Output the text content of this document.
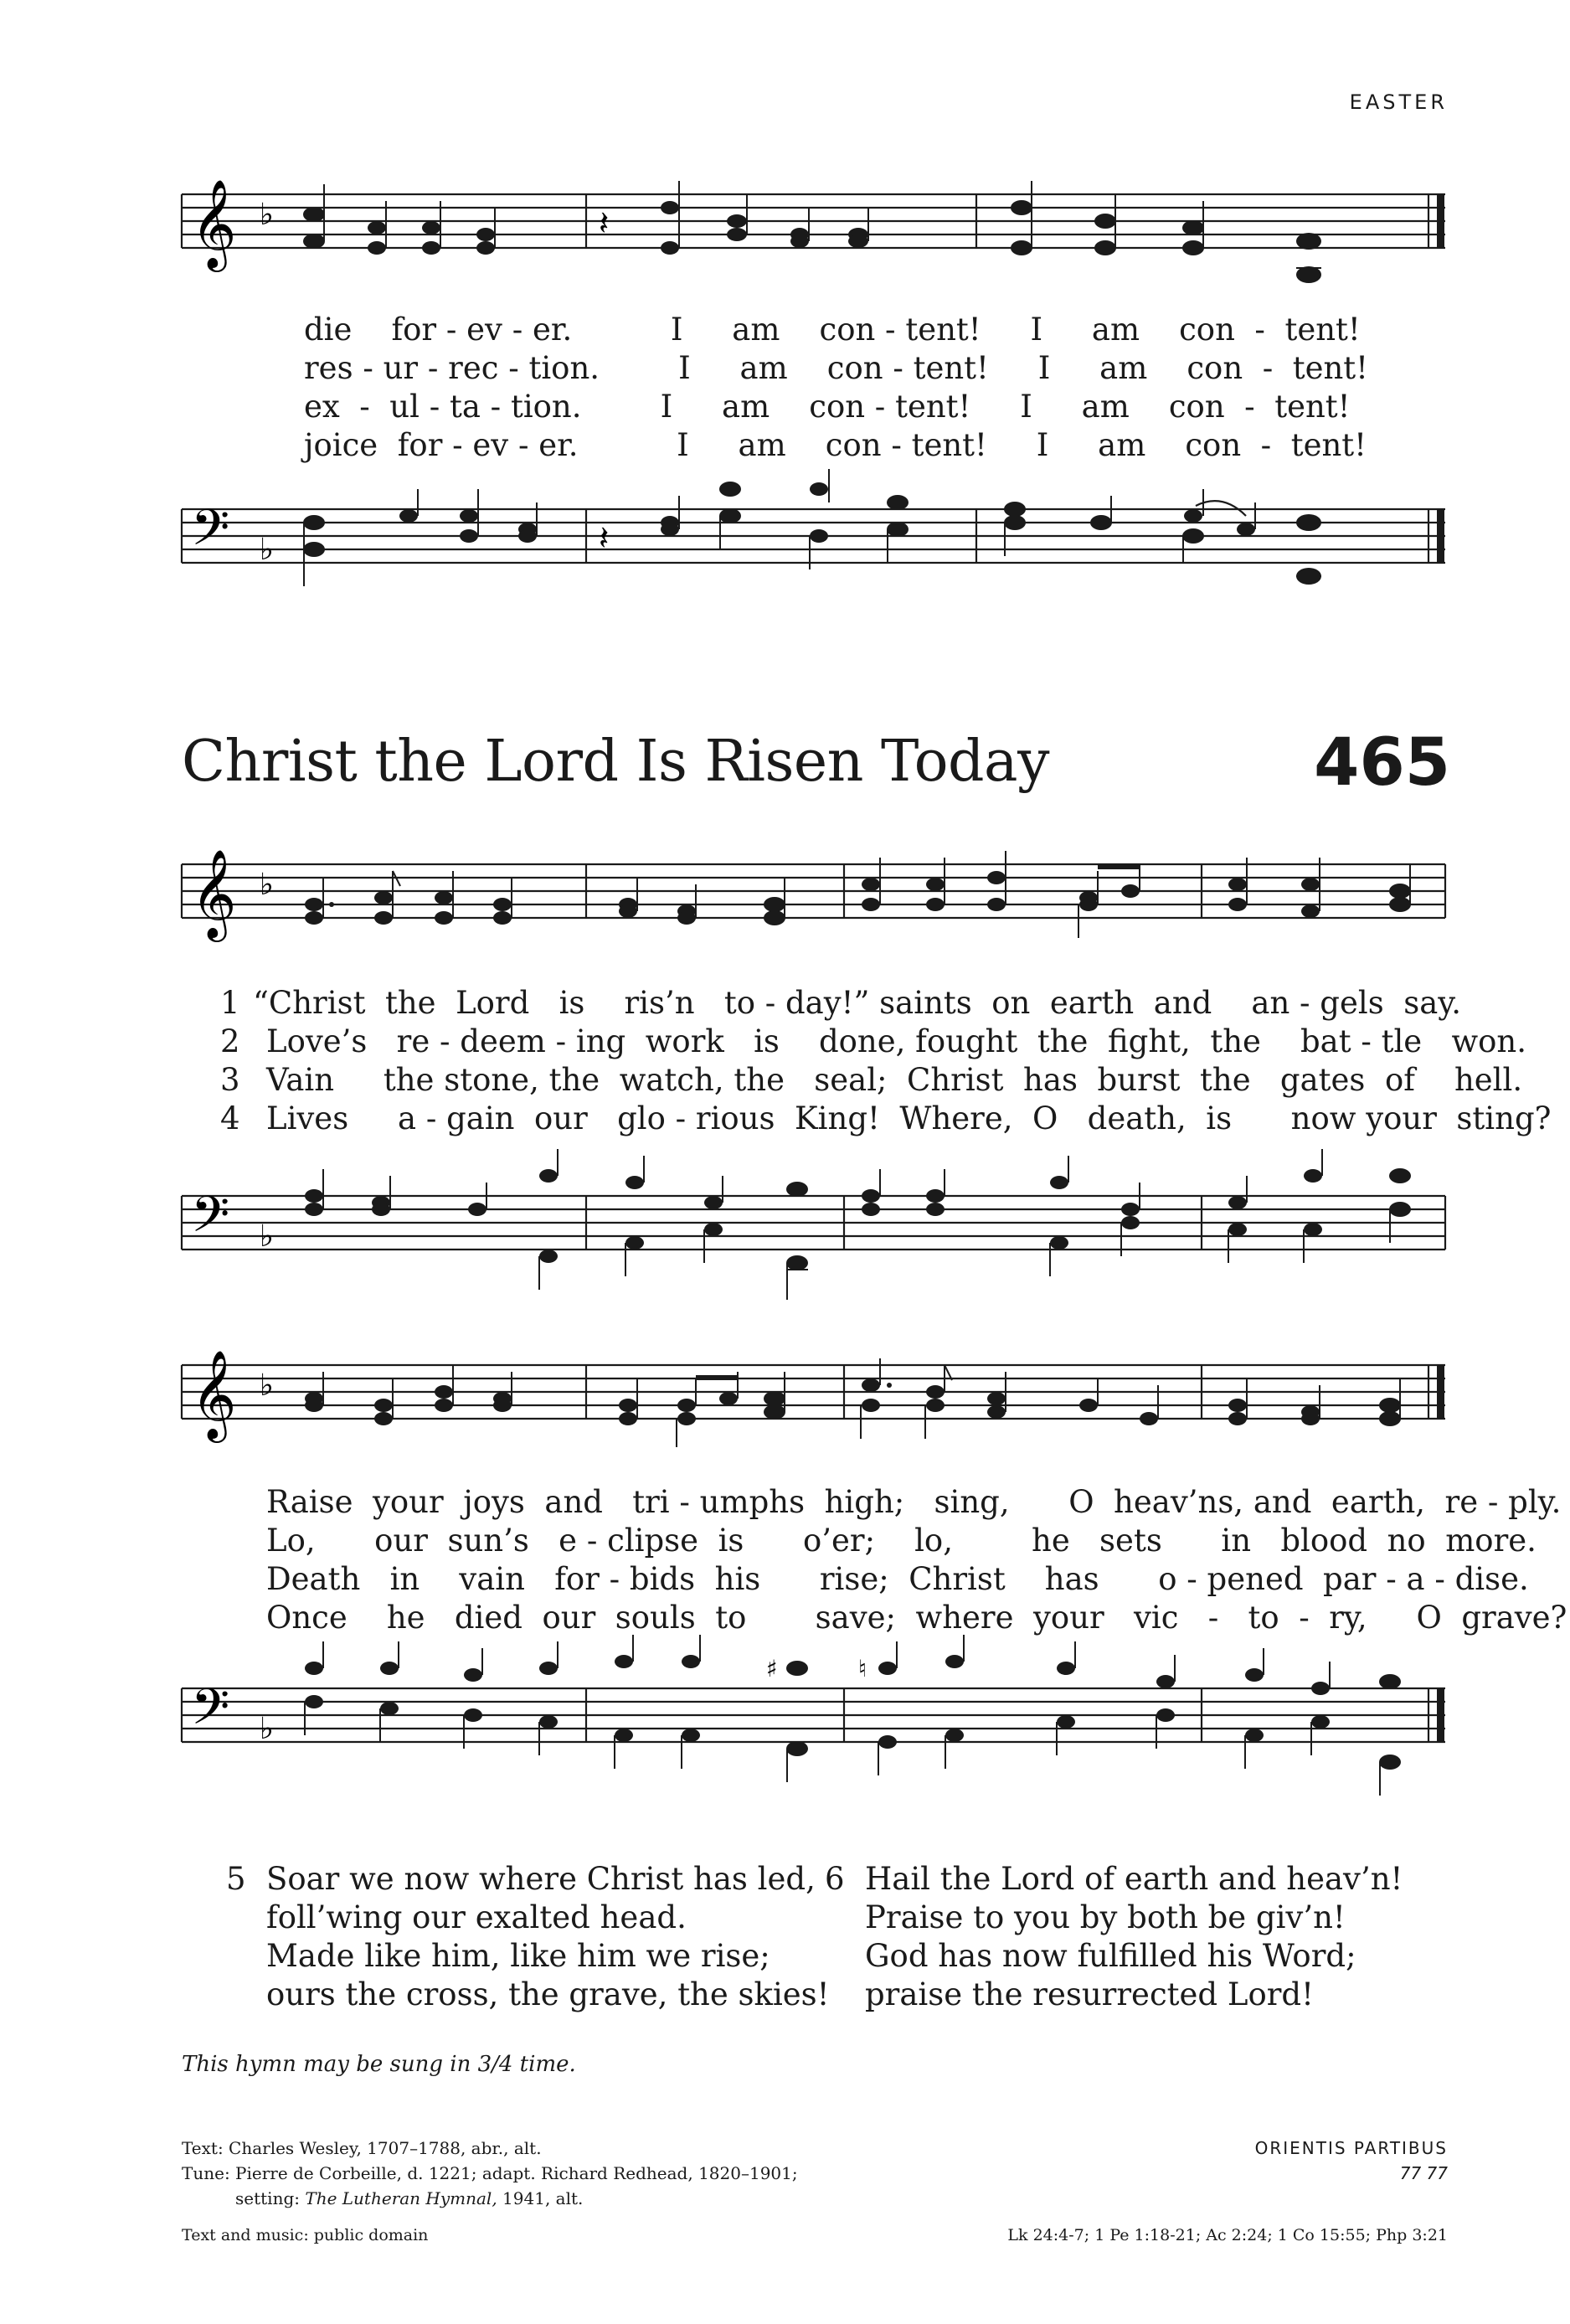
EASTER
𝄞 ♭	𝄽
die    for - ev - er.          I     am    con - tent!     I     am    con  -  tent!
res - ur - rec - tion.        I     am    con - tent!     I     am    con  -  tent!
ex  -  ul - ta - tion.        I     am    con - tent!     I     am    con  -  tent!
joice  for - ev - er.          I     am    con - tent!     I     am    con  -  tent!
𝄢 ♭	𝄽
Christ the Lord Is Risen Today	465
𝄞 ♭
1
2
3
4
“Christ  the  Lord   is    ris’n   to - day!” saints  on  earth  and    an - gels  say.
Love’s   re - deem - ing  work   is    done, fought  the  fight,  the    bat - tle   won.
Vain     the stone, the  watch, the   seal;  Christ  has  burst  the   gates  of    hell.
Lives     a - gain  our   glo - rious  King!  Where,  O   death,  is      now your  sting?
𝄢 ♭
𝄞 ♭
Raise  your  joys  and   tri - umphs  high;   sing,      O  heav’ns, and  earth,  re - ply.
Lo,      our  sun’s   e - clipse  is      o’er;    lo,        he   sets      in   blood  no  more.
Death   in    vain   for - bids  his      rise;  Christ    has      o - pened  par - a - dise.
Once    he   died  our  souls  to       save;  where  your   vic   -   to  -  ry,     O  grave?
𝄢 ♭
♯	♮
5 Soar we now where Christ has led,
foll’wing our exalted head.
Made like him, like him we rise;
ours the cross, the grave, the skies!
6 Hail the Lord of earth and heav’n!
Praise to you by both be giv’n!
God has now fulfilled his Word;
praise the resurrected Lord!
This hymn may be sung in 3/4 time.
Text: Charles Wesley, 1707–1788, abr., alt.
Tune: Pierre de Corbeille, d. 1221; adapt. Richard Redhead, 1820–1901;
setting: The Lutheran Hymnal, 1941, alt.
ORIENTIS PARTIBUS
77 77
Text and music: public domain	Lk 24:4-7; 1 Pe 1:18-21; Ac 2:24; 1 Co 15:55; Php 3:21
